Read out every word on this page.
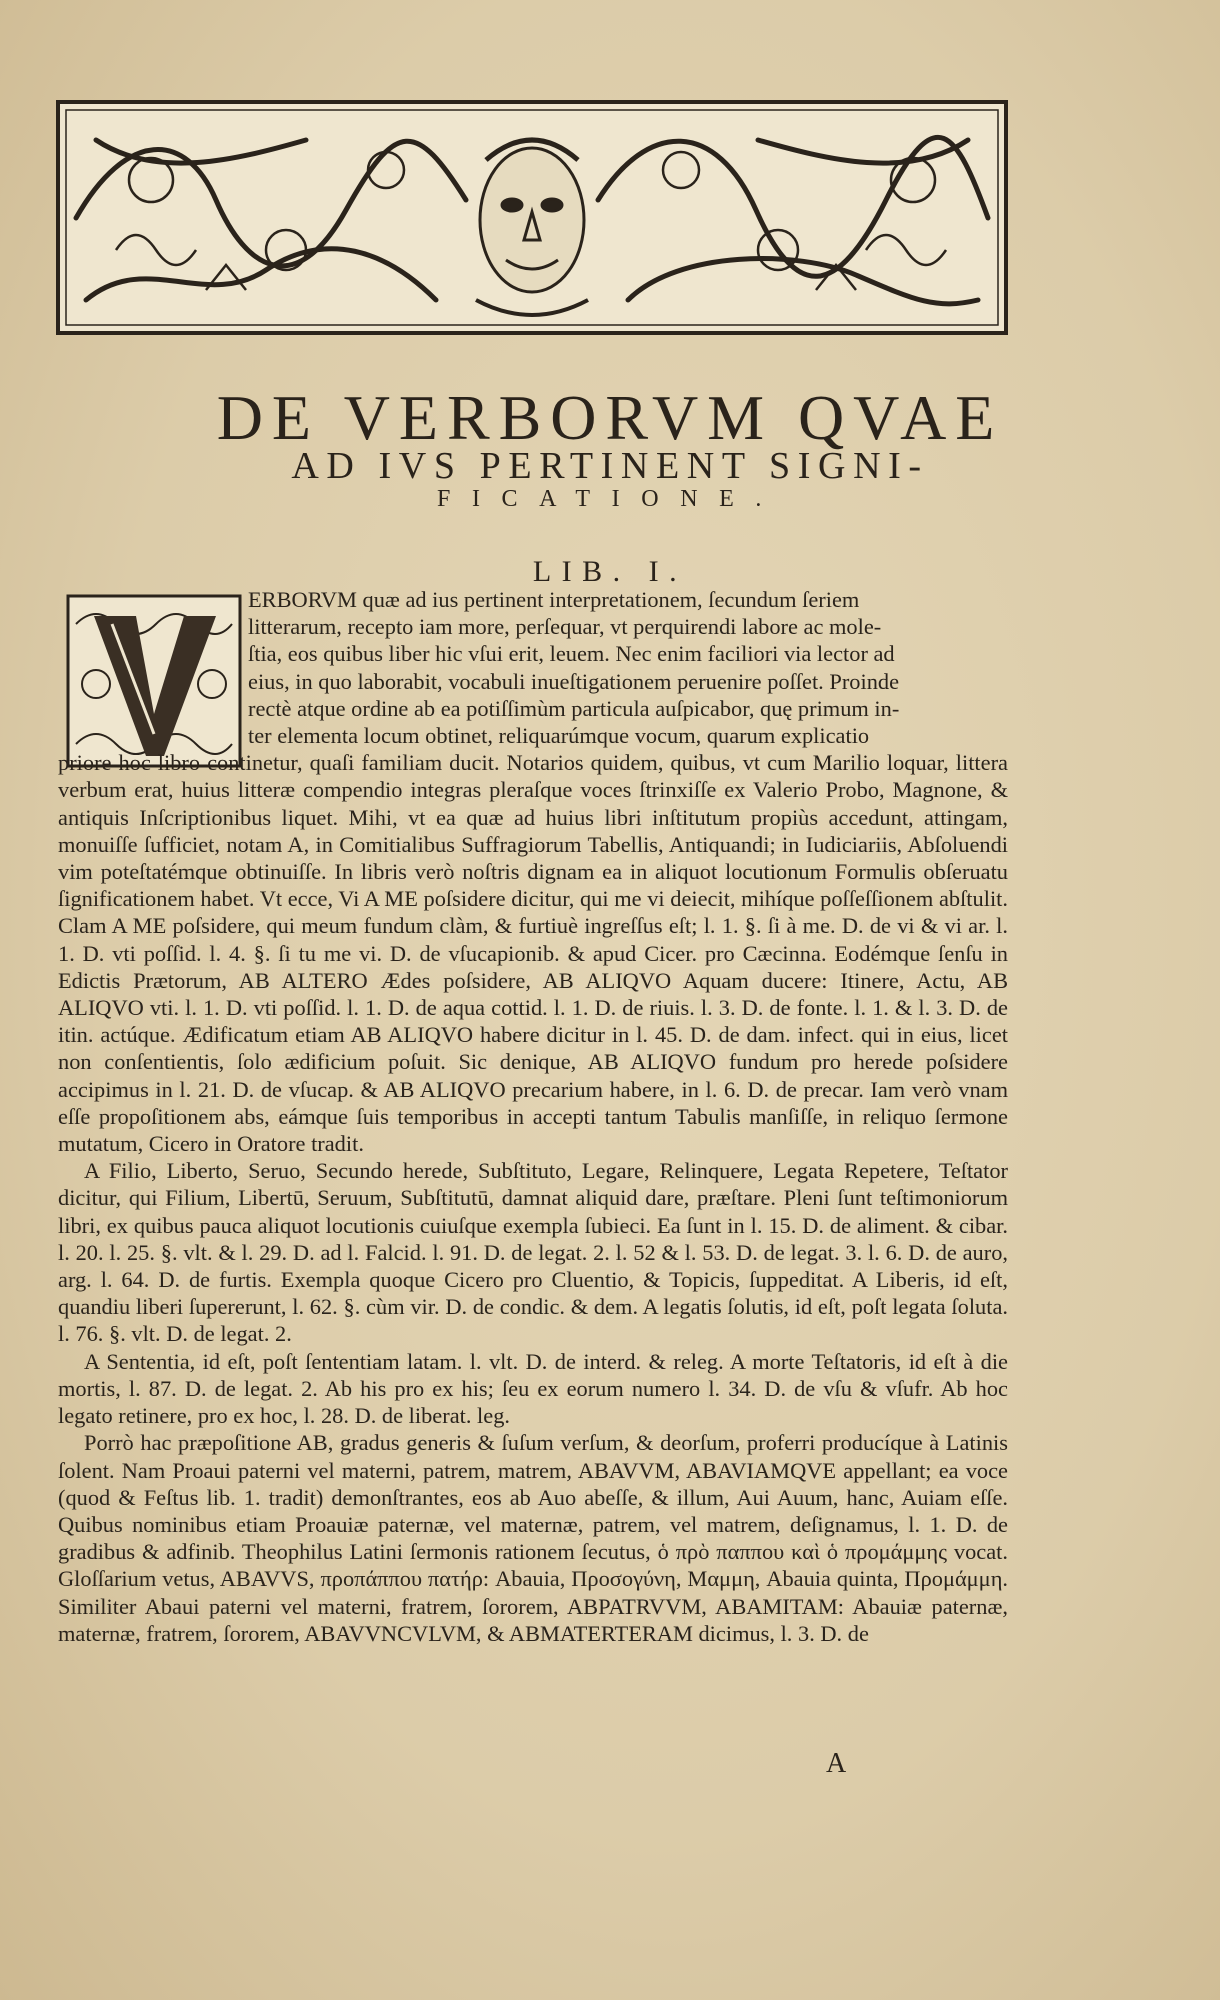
DE VERBORVM QVAE
AD IVS PERTINENT SIGNI-
FICATIONE.
LIB. I.
ERBORVM quæ ad ius pertinent interpretationem, ſecundum ſeriem
litterarum, recepto iam more, perſequar, vt perquirendi labore ac mole-
ſtia, eos quibus liber hic vſui erit, leuem. Nec enim faciliori via lector ad
eius, in quo laborabit, vocabuli inueſtigationem peruenire poſſet. Proinde
rectè atque ordine ab ea potiſſimùm particula auſpicabor, quę primum in-
ter elementa locum obtinet, reliquarúmque vocum, quarum explicatio

priore hoc libro continetur, quaſi familiam ducit. Notarios quidem, quibus, vt cum Marilio loquar, littera verbum erat, huius litteræ compendio integras pleraſque voces ſtrinxiſſe ex Valerio Probo, Magnone, & antiquis Inſcriptionibus liquet. Mihi, vt ea quæ ad huius libri inſtitutum propiùs accedunt, attingam, monuiſſe ſufficiet, notam A, in Comitialibus Suffragiorum Tabellis, Antiquandi; in Iudiciariis, Abſoluendi vim poteſtatémque obtinuiſſe. In libris verò noſtris dignam ea in aliquot locutionum Formulis obſeruatu ſignificationem habet. Vt ecce, Vi A ME poſsidere dicitur, qui me vi deiecit, mihíque poſſeſſionem abſtulit. Clam A ME poſsidere, qui meum fundum clàm, & furtiuè ingreſſus eſt; l. 1. §. ſi à me. D. de vi & vi ar. l. 1. D. vti poſſid. l. 4. §. ſi tu me vi. D. de vſucapionib. & apud Cicer. pro Cæcinna. Eodémque ſenſu in Edictis Prætorum, AB ALTERO Ædes poſsidere, AB ALIQVO Aquam ducere: Itinere, Actu, AB ALIQVO vti. l. 1. D. vti poſſid. l. 1. D. de aqua cottid. l. 1. D. de riuis. l. 3. D. de fonte. l. 1. & l. 3. D. de itin. actúque. Ædificatum etiam AB ALIQVO habere dicitur in l. 45. D. de dam. infect. qui in eius, licet non conſentientis, ſolo ædificium poſuit. Sic denique, AB ALIQVO fundum pro herede poſsidere accipimus in l. 21. D. de vſucap. & AB ALIQVO precarium habere, in l. 6. D. de precar. Iam verò vnam eſſe propoſitionem abs, eámque ſuis temporibus in accepti tantum Tabulis manſiſſe, in reliquo ſermone mutatum, Cicero in Oratore tradit.

A Filio, Liberto, Seruo, Secundo herede, Subſtituto, Legare, Relinquere, Legata Repetere, Teſtator dicitur, qui Filium, Libertū, Seruum, Subſtitutū, damnat aliquid dare, præſtare. Pleni ſunt teſtimoniorum libri, ex quibus pauca aliquot locutionis cuiuſque exempla ſubieci. Ea ſunt in l. 15. D. de aliment. & cibar. l. 20. l. 25. §. vlt. & l. 29. D. ad l. Falcid. l. 91. D. de legat. 2. l. 52 & l. 53. D. de legat. 3. l. 6. D. de auro, arg. l. 64. D. de furtis. Exempla quoque Cicero pro Cluentio, & Topicis, ſuppeditat. A Liberis, id eſt, quandiu liberi ſupererunt, l. 62. §. cùm vir. D. de condic. & dem. A legatis ſolutis, id eſt, poſt legata ſoluta. l. 76. §. vlt. D. de legat. 2.

A Sententia, id eſt, poſt ſententiam latam. l. vlt. D. de interd. & releg. A morte Teſtatoris, id eſt à die mortis, l. 87. D. de legat. 2. Ab his pro ex his; ſeu ex eorum numero l. 34. D. de vſu & vſufr. Ab hoc legato retinere, pro ex hoc, l. 28. D. de liberat. leg.

Porrò hac præpoſitione AB, gradus generis & ſuſum verſum, & deorſum, proferri producíque à Latinis ſolent. Nam Proaui paterni vel materni, patrem, matrem, ABAVVM, ABAVIAMQVE appellant; ea voce (quod & Feſtus lib. 1. tradit) demonſtrantes, eos ab Auo abeſſe, & illum, Aui Auum, hanc, Auiam eſſe. Quibus nominibus etiam Proauiæ paternæ, vel maternæ, patrem, vel matrem, deſignamus, l. 1. D. de gradibus & adfinib. Theophilus Latini ſermonis rationem ſecutus, ὁ πρὸ παππου καὶ ὁ προμάμμης vocat. Gloſſarium vetus, ABAVVS, προπάππου πατήρ: Abauia, Προσογύνη, Μαμμη, Abauia quinta, Προμάμμη. Similiter Abaui paterni vel materni, fratrem, ſororem, ABPATRVVM, ABAMITAM: Abauiæ paternæ, maternæ, fratrem, ſororem, ABAVVNCVLVM, & ABMATERTERAM dicimus, l. 3. D. de

A
